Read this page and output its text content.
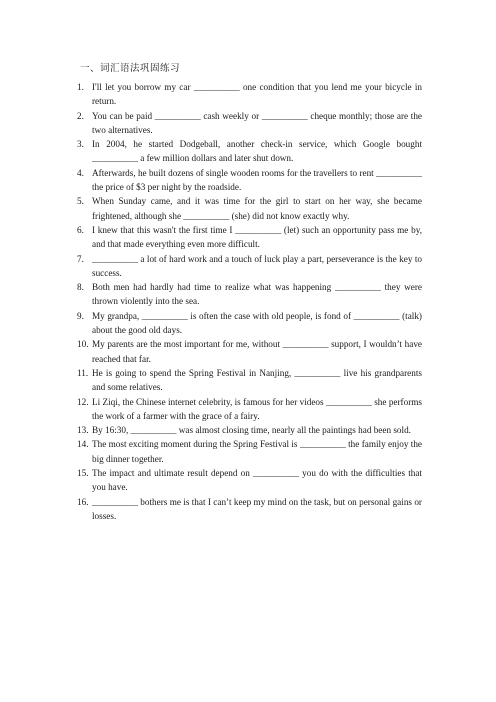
一、词汇语法巩固练习
1. I'll let you borrow my car __________ one condition that you lend me your bicycle in return.
2. You can be paid __________ cash weekly or __________ cheque monthly; those are the two alternatives.
3. In 2004, he started Dodgeball, another check-in service, which Google bought __________ a few million dollars and later shut down.
4. Afterwards, he built dozens of single wooden rooms for the travellers to rent __________ the price of $3 per night by the roadside.
5. When Sunday came, and it was time for the girl to start on her way, she became frightened, although she __________ (she) did not know exactly why.
6. I knew that this wasn't the first time I __________ (let) such an opportunity pass me by, and that made everything even more difficult.
7. __________ a lot of hard work and a touch of luck play a part, perseverance is the key to success.
8. Both men had hardly had time to realize what was happening __________ they were thrown violently into the sea.
9. My grandpa, __________ is often the case with old people, is fond of __________ (talk) about the good old days.
10. My parents are the most important for me, without __________ support, I wouldn’t have reached that far.
11. He is going to spend the Spring Festival in Nanjing, __________ live his grandparents and some relatives.
12. Li Ziqi, the Chinese internet celebrity, is famous for her videos __________ she performs the work of a farmer with the grace of a fairy.
13. By 16:30, __________ was almost closing time, nearly all the paintings had been sold.
14. The most exciting moment during the Spring Festival is __________ the family enjoy the big dinner together.
15. The impact and ultimate result depend on __________ you do with the difficulties that you have.
16. __________ bothers me is that I can’t keep my mind on the task, but on personal gains or losses.
